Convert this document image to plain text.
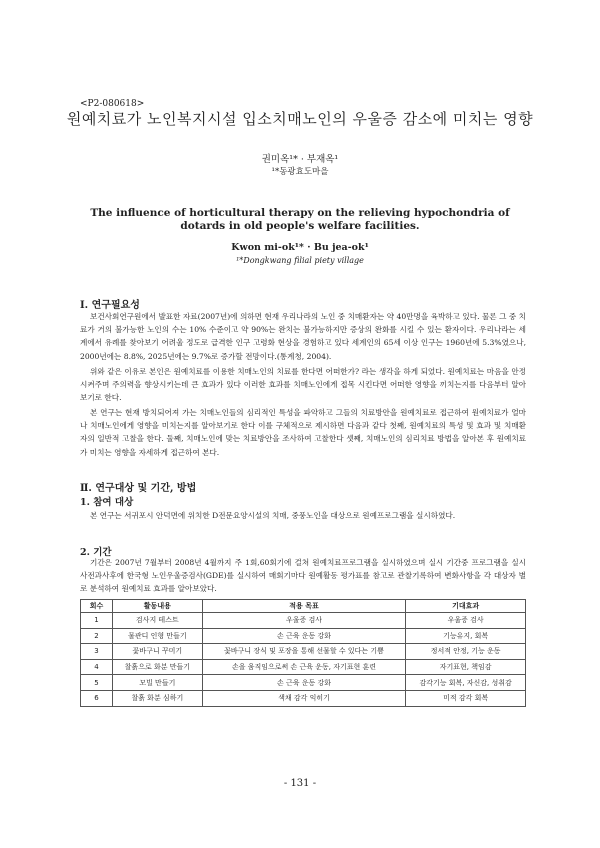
<P2-080618>
원예치료가 노인복지시설 입소치매노인의 우울증 감소에 미치는 영향
권미옥¹* · 부재옥¹
¹*동광효도마을
The influence of horticultural therapy on the relieving hypochondria of dotards in old people's welfare facilities.
Kwon mi-ok¹* · Bu jea-ok¹
¹*Dongkwang filial piety village
Ⅰ. 연구필요성
보건사회연구원에서 발표한 자료(2007년)에 의하면 현재 우리나라의 노인 중 치매환자는 약 40만명을 육박하고 있다. 물론 그 중 치료가 거의 불가능한 노인의 수는 10% 수준이고 약 90%는 완치는 불가능하지만 증상의 완화를 시킬 수 있는 환자이다. 우리나라는 세계에서 유례를 찾아보기 어려울 정도로 급격한 인구 고령화 현상을 경험하고 있다 세계인의 65세 이상 인구는 1960년에 5.3%였으나, 2000년에는 8.8%, 2025년에는 9.7%로 증가할 전망이다.(통계청, 2004).
위와 같은 이유로 본인은 원예치료를 이용한 치매노인의 치료를 한다면 어떠한가? 라는 생각을 하게 되었다. 원예치료는 마음을 안정시켜주며 주의력을 향상시키는데 큰 효과가 있다 이러한 효과를 치매노인에게 접목 시킨다면 어떠한 영향을 끼치는지를 다음부터 알아보기로 한다.
본 연구는 현재 방치되어져 가는 치매노인들의 심리적인 특성을 파악하고 그들의 치료방안을 원예치료로 접근하여 원예치료가 얼마나 치매노인에게 영향을 미치는지를 알아보기로 한다 이를 구체적으로 제시하면 다음과 같다 첫째, 원예치료의 특성 및 효과 및 치매환자의 일반적 고찰을 한다. 둘째, 치매노인에 맞는 치료방안을 조사하여 고찰한다 셋째, 치매노인의 심리치료 방법을 알아본 후 원예치료가 미치는 영향을 자세하게 접근하여 본다.
Ⅱ. 연구대상 및 기간, 방법
1. 참여 대상
본 연구는 서귀포시 안덕면에 위치한 D전문요양시설의 치매, 중풍노인을 대상으로 원예프로그램을 실시하였다.
2. 기간
기간은 2007년 7월부터 2008년 4월까지 주 1회,60회기에 걸쳐 원예치료프로그램을 실시하였으며 실시 기간중 프로그램을 실시 사전과사후에 한국형 노인우울증검사(GDE)를 실시하여 매회기마다 원예활동 평가표를 참고로 관찰기록하여 변화사항을 각 대상자 별로 분석하여 원예치료 효과를 알아보았다.
회수	활동내용	적용 목표	기대효과
1	검사지 테스트	우울증 검사	우울증 검사
2	물관디 인형 만들기	손 근육 운동 강화	기능유지, 회복
3	꽃바구니 꾸미기	꽃바구니 장식 및 포장을 통해 선물할 수 있다는 기쁨	정서적 안정, 기능 운동
4	찰흙으로 화분 만들기	손을 움직임으로써 손 근육 운동, 자기표현 훈련	자기표현, 책임감
5	모빌 만들기	손 근육 운동 강화	감각기능 회복, 자신감, 성취감
6	찰흙 화분 심하기	색채 감각 익히기	미적 감각 회복
- 131 -
